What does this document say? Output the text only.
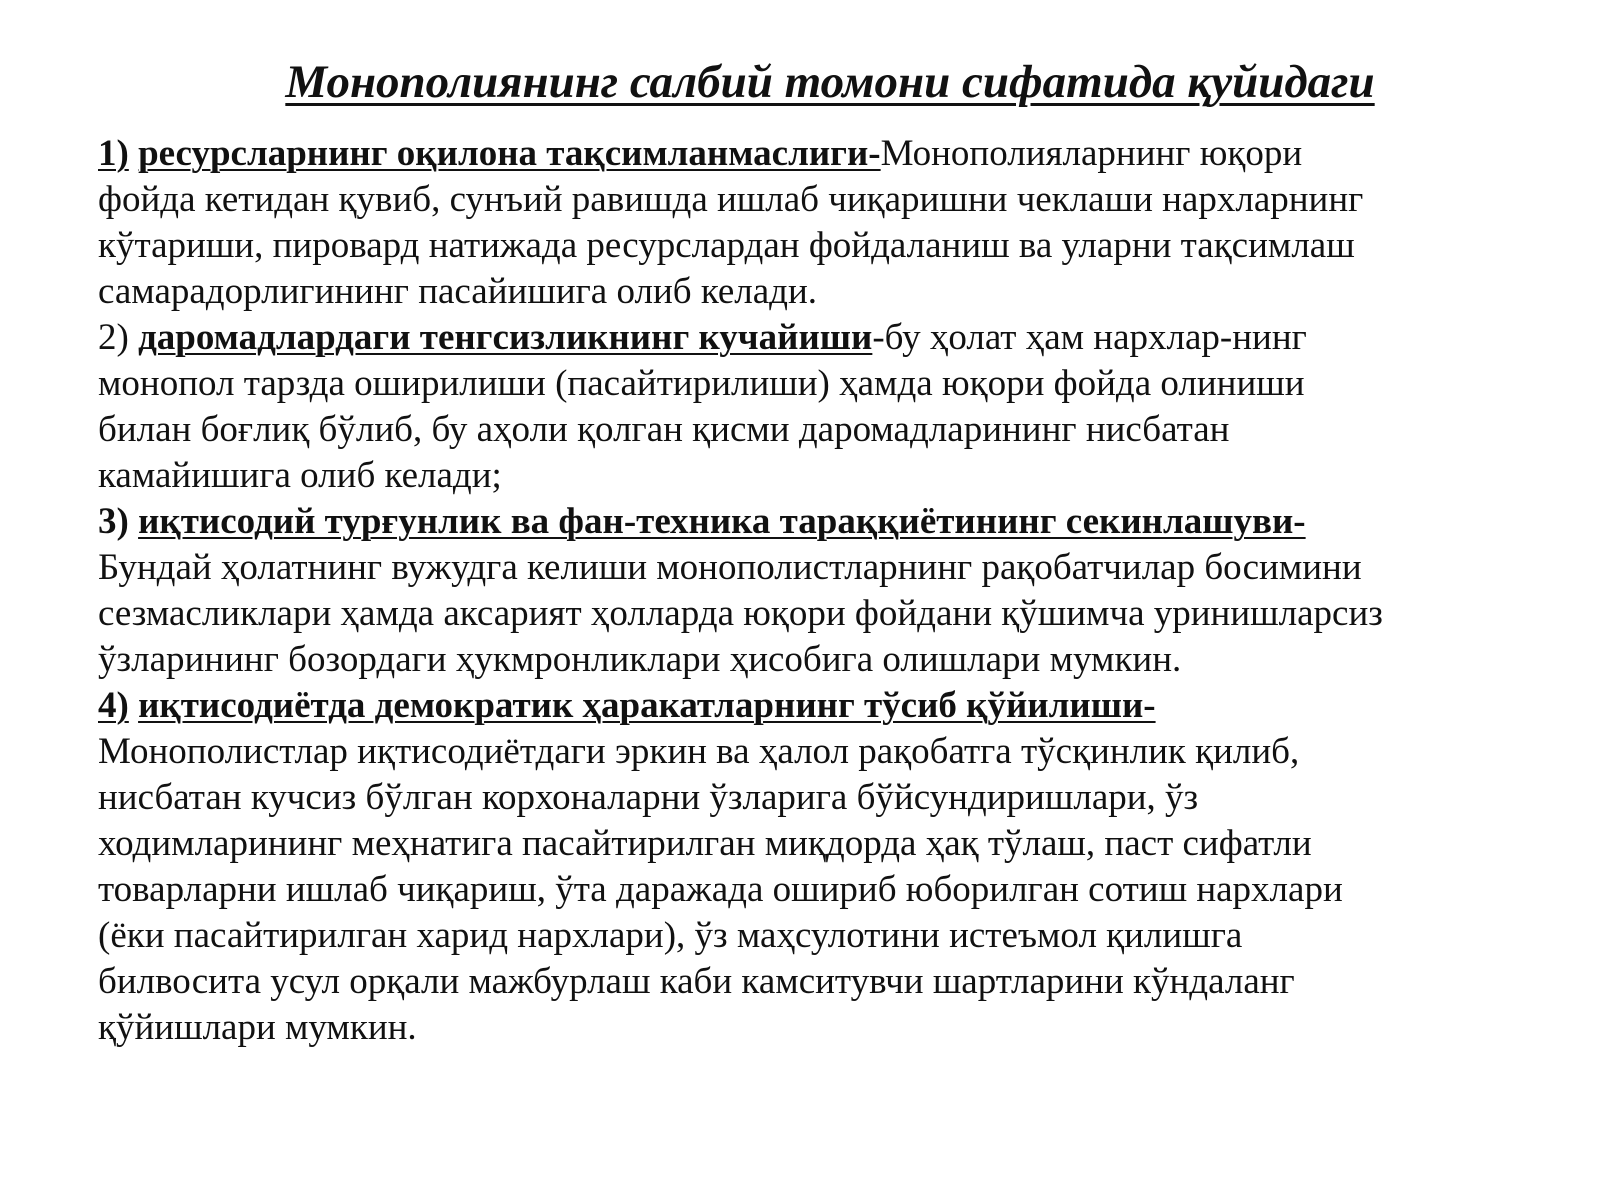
Монополиянинг салбий томони сифатида қуйидаги
1) ресурсларнинг оқилона тақсимланмаслиги-Монополияларнинг юқори
фойда кетидан қувиб, сунъий равишда ишлаб чиқаришни чеклаши нархларнинг
кўтариши, пировард натижада ресурслардан фойдаланиш ва уларни тақсимлаш
самарадорлигининг пасайишига олиб келади.
2) даромадлардаги тенгсизликнинг кучайиши-бу ҳолат ҳам нархлар-нинг
монопол тарзда оширилиши (пасайтирилиши) ҳамда юқори фойда олиниши
билан боғлиқ бўлиб, бу аҳоли қолган қисми даромадларининг нисбатан
камайишига олиб келади;
3) иқтисодий турғунлик ва фан-техника тараққиётининг секинлашуви-
Бундай ҳолатнинг вужудга келиши монополистларнинг рақобатчилар босимини
сезмасликлари ҳамда аксарият ҳолларда юқори фойдани қўшимча уринишларсиз
ўзларининг бозордаги ҳукмронликлари ҳисобига олишлари мумкин.
4) иқтисодиётда демократик ҳаракатларнинг тўсиб қўйилиши-
Монополистлар иқтисодиётдаги эркин ва ҳалол рақобатга тўсқинлик қилиб,
нисбатан кучсиз бўлган корхоналарни ўзларига бўйсундиришлари, ўз
ходимларининг меҳнатига пасайтирилган миқдорда ҳақ тўлаш, паст сифатли
товарларни ишлаб чиқариш, ўта даражада ошириб юборилган сотиш нархлари
(ёки пасайтирилган харид нархлари), ўз маҳсулотини истеъмол қилишга
билвосита усул орқали мажбурлаш каби камситувчи шартларини кўндаланг
қўйишлари мумкин.
